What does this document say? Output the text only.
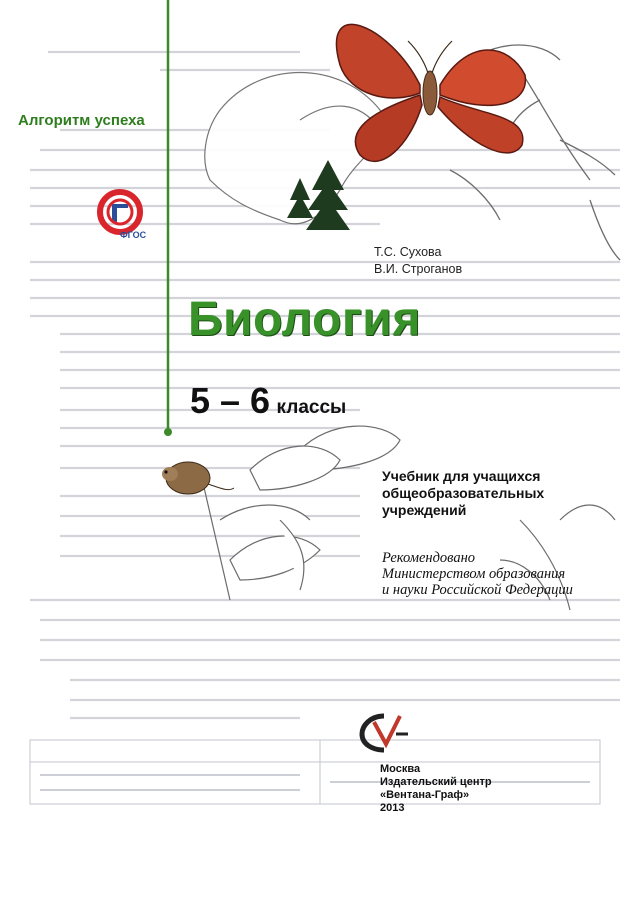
Алгоритм успеха
ФГОС
Т.С. Сухова
В.И. Строганов
Биология
5 – 6 классы
Учебник для учащихся
общеобразовательных
учреждений
Рекомендовано
Министерством образования
и науки Российской Федерации
Москва
Издательский центр
«Вентана-Граф»
2013
